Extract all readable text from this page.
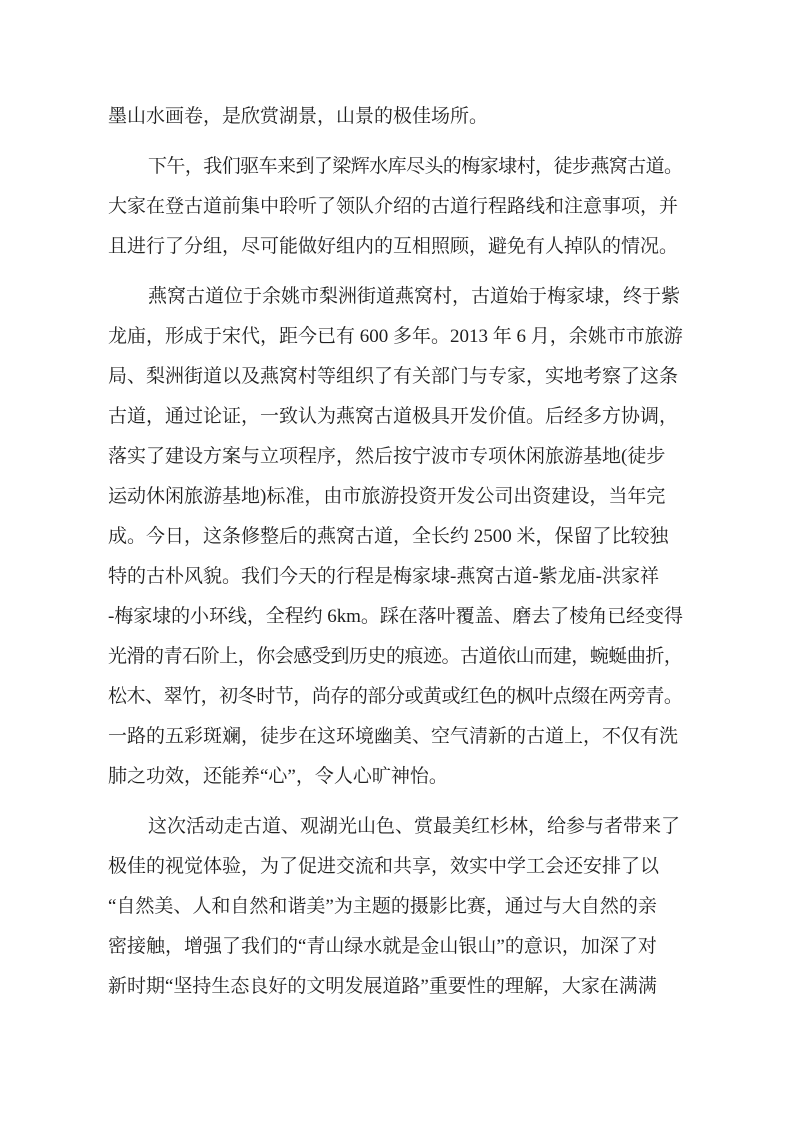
墨山水画卷，是欣赏湖景，山景的极佳场所。
下午，我们驱车来到了梁辉水库尽头的梅家埭村，徒步燕窝古道。
大家在登古道前集中聆听了领队介绍的古道行程路线和注意事项，并
且进行了分组，尽可能做好组内的互相照顾，避免有人掉队的情况。
燕窝古道位于余姚市梨洲街道燕窝村，古道始于梅家埭，终于紫
龙庙，形成于宋代，距今已有 600 多年。2013 年 6 月，余姚市市旅游
局、梨洲街道以及燕窝村等组织了有关部门与专家，实地考察了这条
古道，通过论证，一致认为燕窝古道极具开发价值。后经多方协调，
落实了建设方案与立项程序，然后按宁波市专项休闲旅游基地(徒步
运动休闲旅游基地)标准，由市旅游投资开发公司出资建设，当年完
成。今日，这条修整后的燕窝古道，全长约 2500 米，保留了比较独
特的古朴风貌。我们今天的行程是梅家埭-燕窝古道-紫龙庙-洪家祥
-梅家埭的小环线，全程约 6km。踩在落叶覆盖、磨去了棱角已经变得
光滑的青石阶上，你会感受到历史的痕迹。古道依山而建，蜿蜒曲折，
松木、翠竹，初冬时节，尚存的部分或黄或红色的枫叶点缀在两旁青。
一路的五彩斑斓，徒步在这环境幽美、空气清新的古道上，不仅有洗
肺之功效，还能养“心”，令人心旷神怡。
这次活动走古道、观湖光山色、赏最美红杉林，给参与者带来了
极佳的视觉体验，为了促进交流和共享，效实中学工会还安排了以
“自然美、人和自然和谐美”为主题的摄影比赛，通过与大自然的亲
密接触，增强了我们的“青山绿水就是金山银山”的意识，加深了对
新时期“坚持生态良好的文明发展道路”重要性的理解，大家在满满
